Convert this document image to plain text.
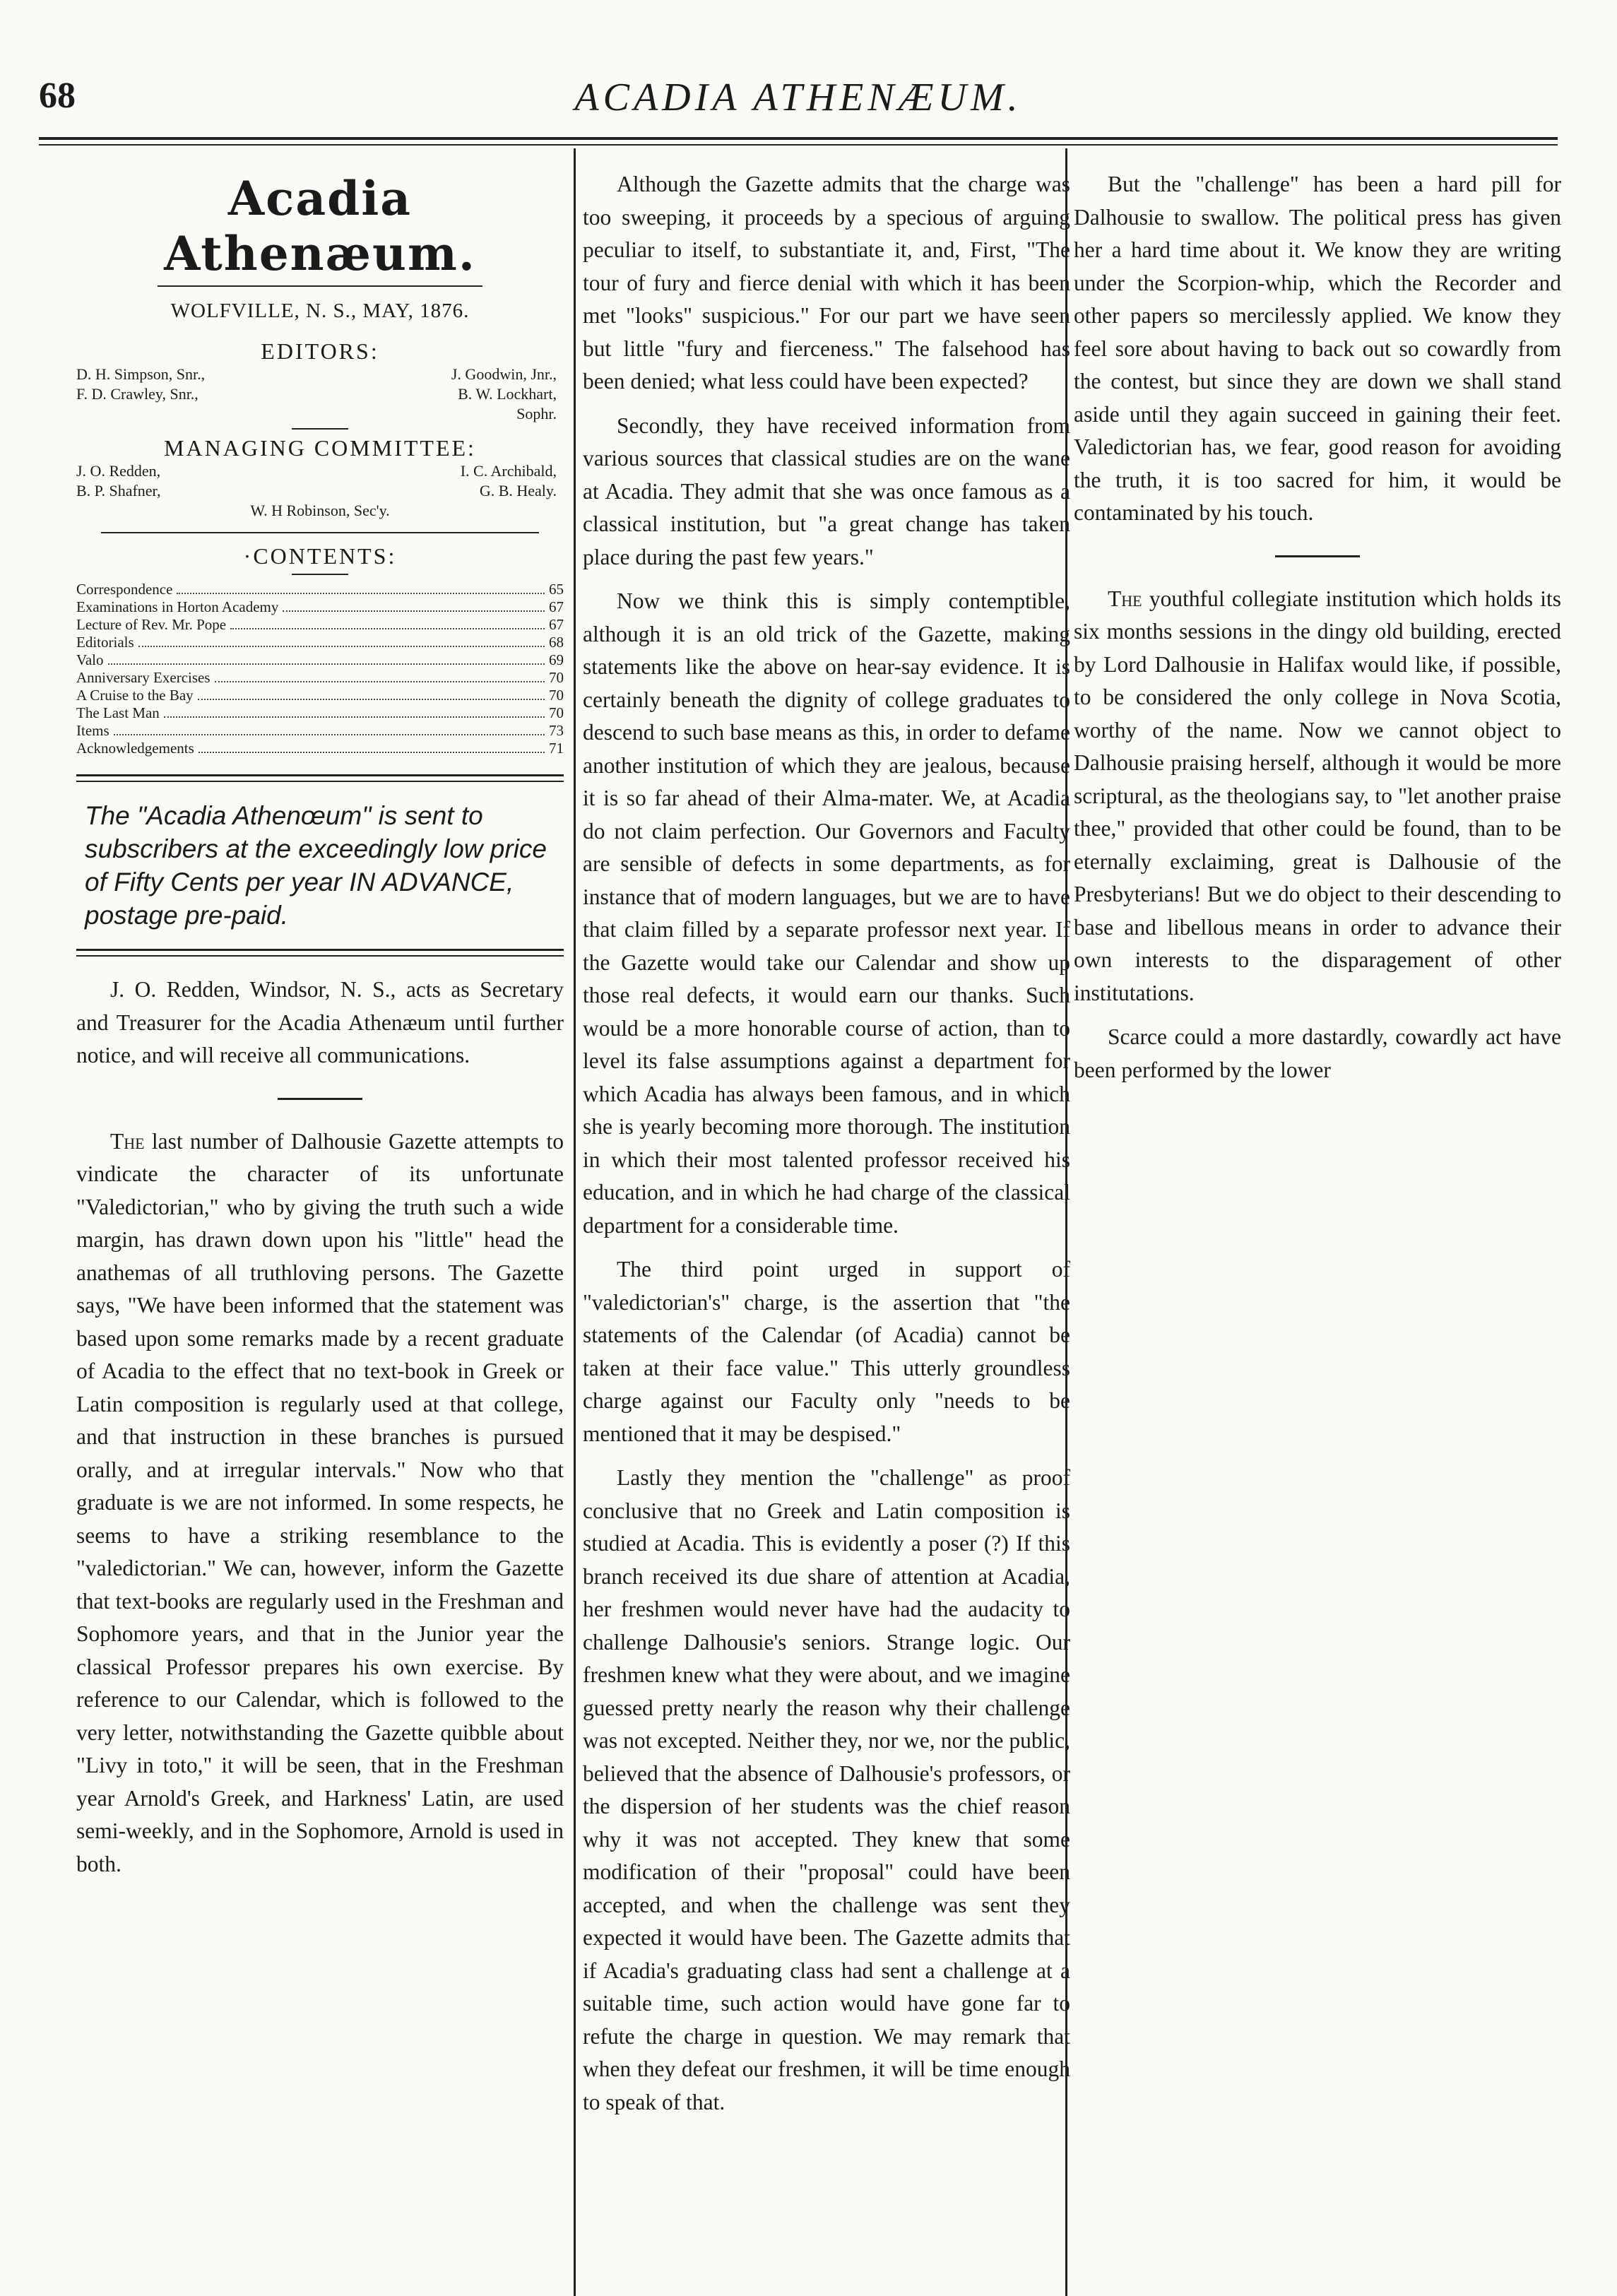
68	ACADIA ATHENÆUM.
Acadia Athenæum.
WOLFVILLE, N. S., MAY, 1876.
EDITORS:
D. H. Simpson, Snr.,	J. Goodwin, Jnr.,
F. D. Crawley, Snr.,	B. W. Lockhart,
Sophr.
MANAGING COMMITTEE:
J. O. Redden,	I. C. Archibald,
B. P. Shafner,	G. B. Healy.
W. H Robinson, Sec'y.
·CONTENTS:
Correspondence	65
Examinations in Horton Academy	67
Lecture of Rev. Mr. Pope	67
Editorials	68
Valo	69
Anniversary Exercises	70
A Cruise to the Bay	70
The Last Man	70
Items	73
Acknowledgements	71
The "Acadia Athenœum" is sent to subscribers at the exceedingly low price of Fifty Cents per year IN ADVANCE, postage pre-paid.

J. O. Redden, Windsor, N. S., acts as Secretary and Treasurer for the Acadia Athenæum until further notice, and will receive all communications.

The last number of Dalhousie Gazette attempts to vindicate the character of its unfortunate "Valedictorian," who by giving the truth such a wide margin, has drawn down upon his "little" head the anathemas of all truthloving persons. The Gazette says, "We have been informed that the statement was based upon some remarks made by a recent graduate of Acadia to the effect that no text-book in Greek or Latin composition is regularly used at that college, and that instruction in these branches is pursued orally, and at irregular intervals." Now who that graduate is we are not informed. In some respects, he seems to have a striking resemblance to the "valedictorian." We can, however, inform the Gazette that text-books are regularly used in the Freshman and Sophomore years, and that in the Junior year the classical Professor prepares his own exercise. By reference to our Calendar, which is followed to the very letter, notwithstanding the Gazette quibble about "Livy in toto," it will be seen, that in the Freshman year Arnold's Greek, and Harkness' Latin, are used semi-weekly, and in the Sophomore, Arnold is used in both.

Although the Gazette admits that the charge was too sweeping, it proceeds by a specious of arguing peculiar to itself, to substantiate it, and, First, "The tour of fury and fierce denial with which it has been met "looks" suspicious." For our part we have seen but little "fury and fierceness." The falsehood has been denied; what less could have been expected?

Secondly, they have received information from various sources that classical studies are on the wane at Acadia. They admit that she was once famous as a classical institution, but "a great change has taken place during the past few years."

Now we think this is simply contemptible, although it is an old trick of the Gazette, making statements like the above on hear-say evidence. It is certainly beneath the dignity of college graduates to descend to such base means as this, in order to defame another institution of which they are jealous, because it is so far ahead of their Alma-mater. We, at Acadia do not claim perfection. Our Governors and Faculty are sensible of defects in some departments, as for instance that of modern languages, but we are to have that claim filled by a separate professor next year. If the Gazette would take our Calendar and show up those real defects, it would earn our thanks. Such would be a more honorable course of action, than to level its false assumptions against a department for which Acadia has always been famous, and in which she is yearly becoming more thorough. The institution in which their most talented professor received his education, and in which he had charge of the classical department for a considerable time.

The third point urged in support of "valedictorian's" charge, is the assertion that "the statements of the Calendar (of Acadia) cannot be taken at their face value." This utterly groundless charge against our Faculty only "needs to be mentioned that it may be despised."

Lastly they mention the "challenge" as proof conclusive that no Greek and Latin composition is studied at Acadia. This is evidently a poser (?) If this branch received its due share of attention at Acadia, her freshmen would never have had the audacity to challenge Dalhousie's seniors. Strange logic. Our freshmen knew what they were about, and we imagine guessed pretty nearly the reason why their challenge was not excepted. Neither they, nor we, nor the public, believed that the absence of Dalhousie's professors, or the dispersion of her students was the chief reason why it was not accepted. They knew that some modification of their "proposal" could have been accepted, and when the challenge was sent they expected it would have been. The Gazette admits that if Acadia's graduating class had sent a challenge at a suitable time, such action would have gone far to refute the charge in question. We may remark that when they defeat our freshmen, it will be time enough to speak of that.

But the "challenge" has been a hard pill for Dalhousie to swallow. The political press has given her a hard time about it. We know they are writing under the Scorpion-whip, which the Recorder and other papers so mercilessly applied. We know they feel sore about having to back out so cowardly from the contest, but since they are down we shall stand aside until they again succeed in gaining their feet. Valedictorian has, we fear, good reason for avoiding the truth, it is too sacred for him, it would be contaminated by his touch.

The youthful collegiate institution which holds its six months sessions in the dingy old building, erected by Lord Dalhousie in Halifax would like, if possible, to be considered the only college in Nova Scotia, worthy of the name. Now we cannot object to Dalhousie praising herself, although it would be more scriptural, as the theologians say, to "let another praise thee," provided that other could be found, than to be eternally exclaiming, great is Dalhousie of the Presbyterians! But we do object to their descending to base and libellous means in order to advance their own interests to the disparagement of other institutations.

Scarce could a more dastardly, cowardly act have been performed by the lower
